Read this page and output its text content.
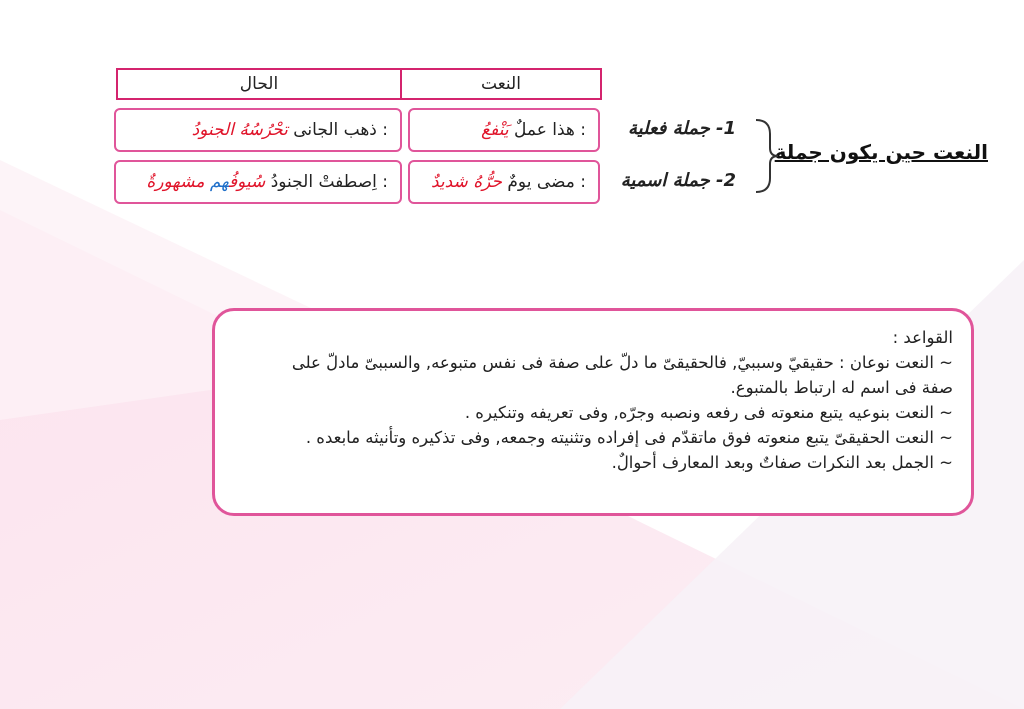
النعت حين يكون جملة
1- جملة فعلية
2- جملة اسمية
النعت
الحال
: هذا عملٌ يَنْفعُ
: ذهب الجانى تحْرُسُهُ الجنودُ
: مضى يومٌ حرُّهُ شديدٌ
: اِصطفتْ الجنودُ سُيوفُهم مشهورةٌ
القواعد :
~ النعت نوعان : حقيقيّ وسببيّ, فالحقيقىّ ما دلّ على صفة فى نفس متبوعه, والسببىّ مادلّ على
صفة فى اسم له ارتباط بالمتبوع.
~ النعت بنوعيه يتبع منعوته فى رفعه ونصبه وجرّه, وفى تعريفه وتنكيره .
~ النعت الحقيقىّ يتبع منعوته فوق ماتقدّم فى إفراده وتثنيته وجمعه, وفى تذكيره وتأنيثه مابعده .
~ الجمل بعد النكرات صفاتٌ وبعد المعارف أحوالٌ.
